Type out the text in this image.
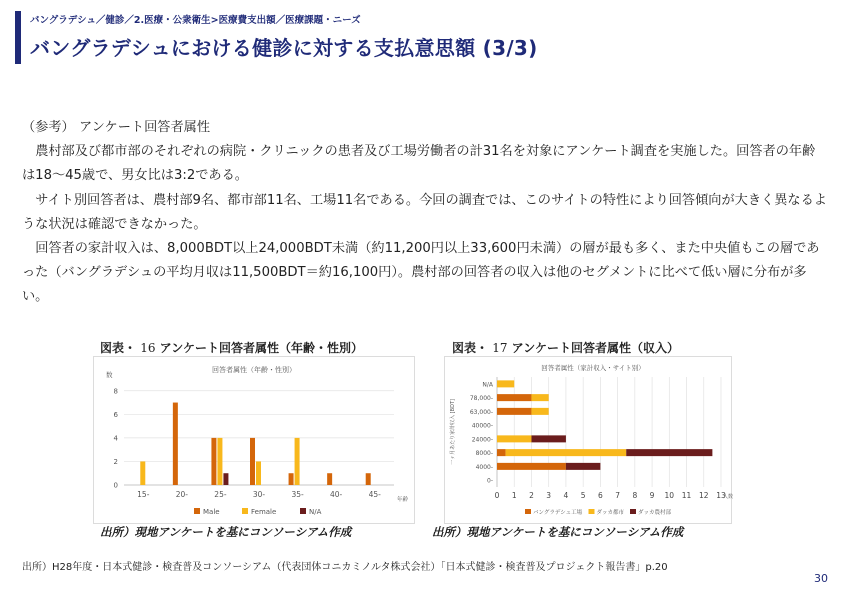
バングラデシュ／健診／2.医療・公衆衛生>医療費支出額／医療課題・ニーズ
バングラデシュにおける健診に対する支払意思額 (3/3)

（参考） アンケート回答者属性

農村部及び都市部のそれぞれの病院・クリニックの患者及び工場労働者の計31名を対象にアンケート調査を実施した。回答者の年齢は18～45歳で、男女比は3:2である。

サイト別回答者は、農村部9名、都市部11名、工場11名である。今回の調査では、このサイトの特性により回答傾向が大きく異なるような状況は確認できなかった。

回答者の家計収入は、8,000BDT以上24,000BDT未満（約11,200円以上33,600円未満）の層が最も多く、また中央値もこの層であった（バングラデシュの平均月収は11,500BDT＝約16,100円）。農村部の回答者の収入は他のセグメントに比べて低い層に分布が多い。

図表・ 16 アンケート回答者属性（年齢・性別）	図表・ 17 アンケート回答者属性（収入）
回答者属性（年齢・性別）
数
年齢
0
2
4
6
8
15-	20-	25-	30-	35-	40-	45-
Male	Female	N/A
回答者属性（家計収入・サイト別）
一ヶ月あたり家計収入 [BDT]
人数
0 1 2 3 4 5 6 7 8 9 10 11 12 13
N/A
78,000-
63,000-
40000-
24000-
8000-
4000-
0-
バングラデシュ工場	ダッカ都市	ダッカ農村部
出所）現地アンケートを基にコンソーシアム作成	出所）現地アンケートを基にコンソーシアム作成
出所）H28年度・日本式健診・検査普及コンソーシアム（代表団体コニカミノルタ株式会社）「日本式健診・検査普及プロジェクト報告書」p.20
30
